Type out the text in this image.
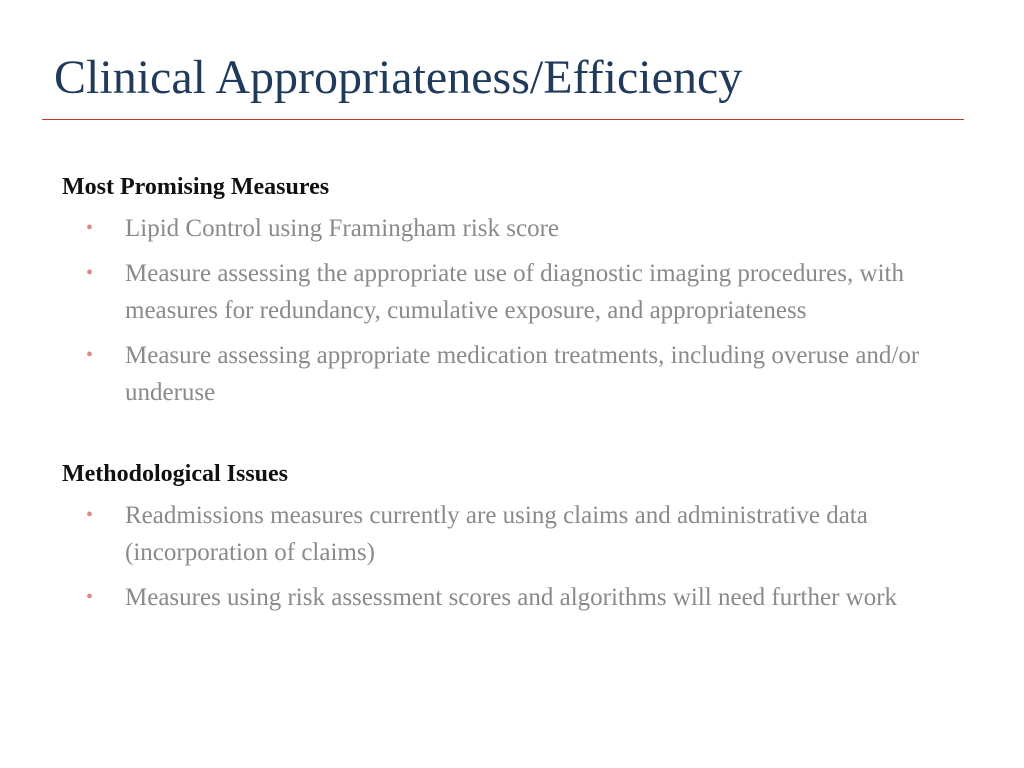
Clinical Appropriateness/Efficiency

Most Promising Measures

• Lipid Control using Framingham risk score
• Measure assessing the appropriate use of diagnostic imaging procedures, with measures for redundancy, cumulative exposure, and appropriateness
• Measure assessing appropriate medication treatments, including overuse and/or underuse

Methodological Issues

• Readmissions measures currently are using claims and administrative data (incorporation of claims)
• Measures using risk assessment scores and algorithms will need further work
